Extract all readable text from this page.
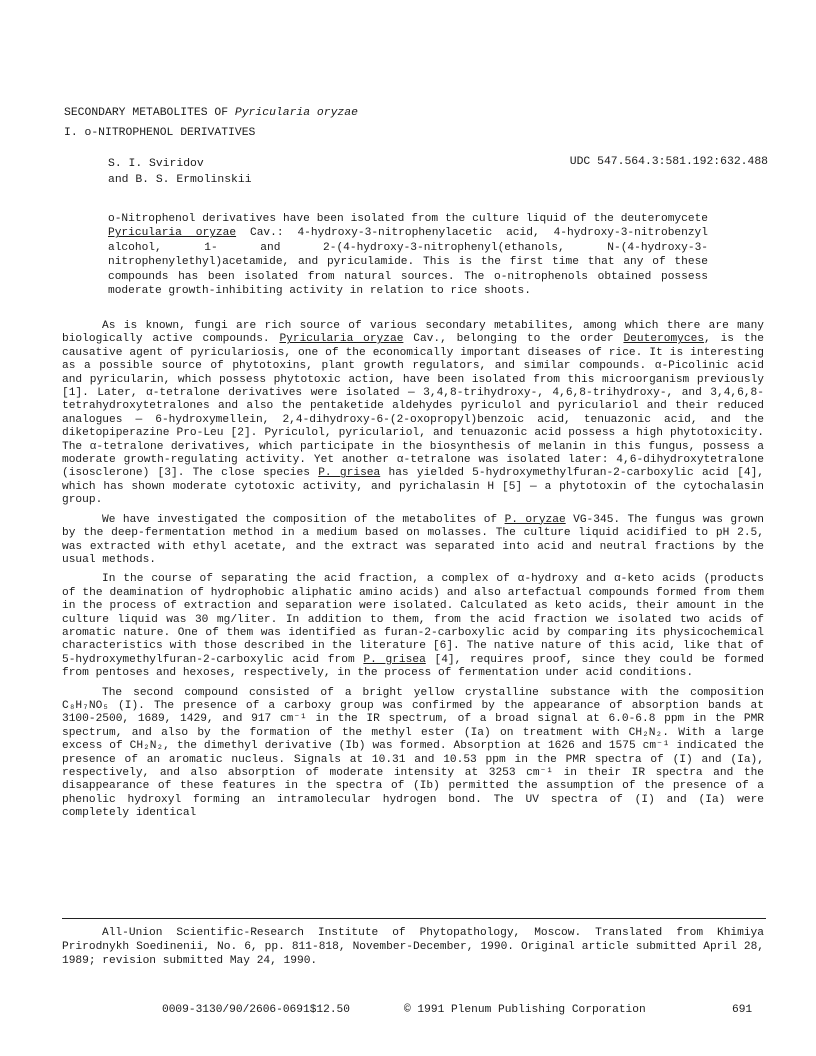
SECONDARY METABOLITES OF Pyricularia oryzae
I. o-NITROPHENOL DERIVATIVES
S. I. Sviridov
and B. S. Ermolinskii
UDC 547.564.3:581.192:632.488
o-Nitrophenol derivatives have been isolated from the culture liquid of the deuteromycete Pyricularia oryzae Cav.: 4-hydroxy-3-nitrophenylacetic acid, 4-hydroxy-3-nitrobenzyl alcohol, 1- and 2-(4-hydroxy-3-nitrophenyl(ethanols, N-(4-hydroxy-3-nitrophenylethyl)acetamide, and pyriculamide. This is the first time that any of these compounds has been isolated from natural sources. The o-nitrophenols obtained possess moderate growth-inhibiting activity in relation to rice shoots.

As is known, fungi are rich source of various secondary metabilites, among which there are many biologically active compounds. Pyricularia oryzae Cav., belonging to the order Deuteromyces, is the causative agent of pyriculariosis, one of the economically important diseases of rice. It is interesting as a possible source of phytotoxins, plant growth regulators, and similar compounds. α-Picolinic acid and pyricularin, which possess phytotoxic action, have been isolated from this microorganism previously [1]. Later, α-tetralone derivatives were isolated — 3,4,8-trihydroxy-, 4,6,8-trihydroxy-, and 3,4,6,8-tetrahydroxytetralones and also the pentaketide aldehydes pyriculol and pyriculariol and their reduced analogues — 6-hydroxymellein, 2,4-dihydroxy-6-(2-oxopropyl)benzoic acid, tenuazonic acid, and the diketopiperazine Pro-Leu [2]. Pyriculol, pyriculariol, and tenuazonic acid possess a high phytotoxicity. The α-tetralone derivatives, which participate in the biosynthesis of melanin in this fungus, possess a moderate growth-regulating activity. Yet another α-tetralone was isolated later: 4,6-dihydroxytetralone (isosclerone) [3]. The close species P. grisea has yielded 5-hydroxymethylfuran-2-carboxylic acid [4], which has shown moderate cytotoxic activity, and pyrichalasin H [5] — a phytotoxin of the cytochalasin group.

We have investigated the composition of the metabolites of P. oryzae VG-345. The fungus was grown by the deep-fermentation method in a medium based on molasses. The culture liquid acidified to pH 2.5, was extracted with ethyl acetate, and the extract was separated into acid and neutral fractions by the usual methods.

In the course of separating the acid fraction, a complex of α-hydroxy and α-keto acids (products of the deamination of hydrophobic aliphatic amino acids) and also artefactual compounds formed from them in the process of extraction and separation were isolated. Calculated as keto acids, their amount in the culture liquid was 30 mg/liter. In addition to them, from the acid fraction we isolated two acids of aromatic nature. One of them was identified as furan-2-carboxylic acid by comparing its physicochemical characteristics with those described in the literature [6]. The native nature of this acid, like that of 5-hydroxymethylfuran-2-carboxylic acid from P. grisea [4], requires proof, since they could be formed from pentoses and hexoses, respectively, in the process of fermentation under acid conditions.

The second compound consisted of a bright yellow crystalline substance with the composition C₈H₇NO₅ (I). The presence of a carboxy group was confirmed by the appearance of absorption bands at 3100-2500, 1689, 1429, and 917 cm⁻¹ in the IR spectrum, of a broad signal at 6.0-6.8 ppm in the PMR spectrum, and also by the formation of the methyl ester (Ia) on treatment with CH₂N₂. With a large excess of CH₂N₂, the dimethyl derivative (Ib) was formed. Absorption at 1626 and 1575 cm⁻¹ indicated the presence of an aromatic nucleus. Signals at 10.31 and 10.53 ppm in the PMR spectra of (I) and (Ia), respectively, and also absorption of moderate intensity at 3253 cm⁻¹ in their IR spectra and the disappearance of these features in the spectra of (Ib) permitted the assumption of the presence of a phenolic hydroxyl forming an intramolecular hydrogen bond. The UV spectra of (I) and (Ia) were completely identical

All-Union Scientific-Research Institute of Phytopathology, Moscow. Translated from Khimiya Prirodnykh Soedinenii, No. 6, pp. 811-818, November-December, 1990. Original article submitted April 28, 1989; revision submitted May 24, 1990.
0009-3130/90/2606-0691$12.50	© 1991 Plenum Publishing Corporation	691
